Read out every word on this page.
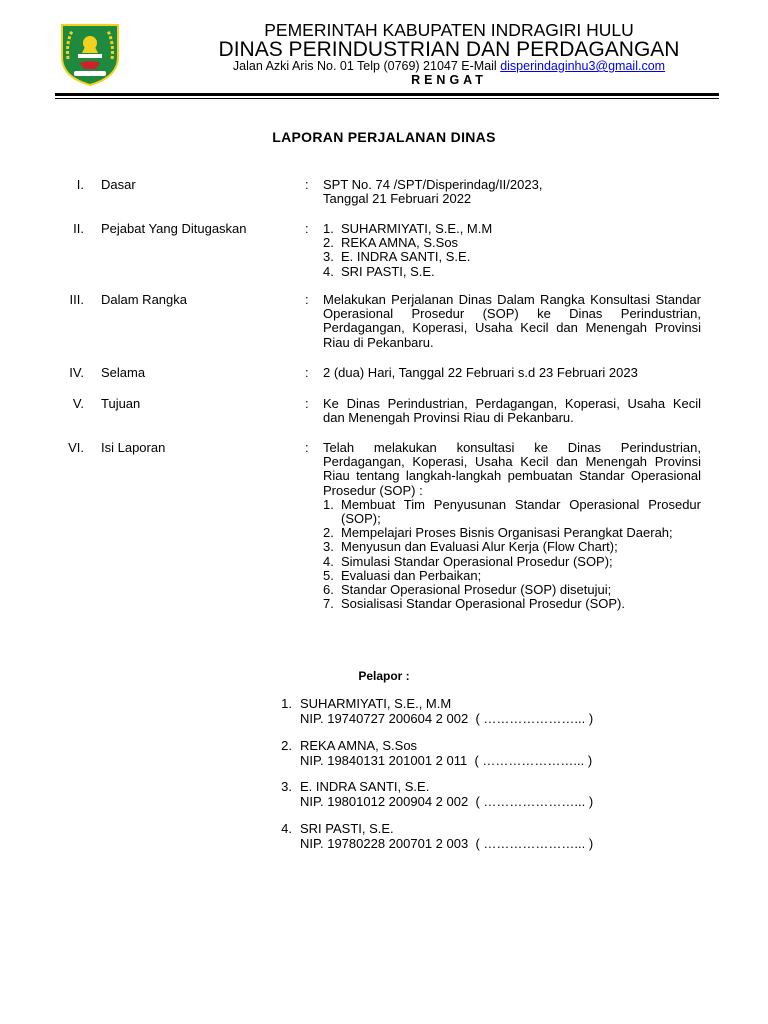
PEMERINTAH KABUPATEN INDRAGIRI HULU
DINAS PERINDUSTRIAN DAN PERDAGANGAN
Jalan Azki Aris No. 01 Telp (0769) 21047 E-Mail disperindaginhu3@gmail.com
RENGAT
LAPORAN PERJALANAN DINAS
I. Dasar	: SPT No. 74 /SPT/Disperindag/II/2023,
Tanggal 21 Februari 2022
II. Pejabat Yang Ditugaskan	: 1. SUHARMIYATI, S.E., M.M
2. REKA AMNA, S.Sos
3. E. INDRA SANTI, S.E.
4. SRI PASTI, S.E.
III. Dalam Rangka	: Melakukan Perjalanan Dinas Dalam Rangka Konsultasi Standar Operasional Prosedur (SOP) ke Dinas Perindustrian, Perdagangan, Koperasi, Usaha Kecil dan Menengah Provinsi Riau di Pekanbaru.
IV. Selama	: 2 (dua) Hari, Tanggal 22 Februari s.d 23 Februari 2023
V. Tujuan	: Ke Dinas Perindustrian, Perdagangan, Koperasi, Usaha Kecil dan Menengah Provinsi Riau di Pekanbaru.
VI. Isi Laporan	: Telah melakukan konsultasi ke Dinas Perindustrian, Perdagangan, Koperasi, Usaha Kecil dan Menengah Provinsi Riau tentang langkah-langkah pembuatan Standar Operasional Prosedur (SOP) :
1. Membuat Tim Penyusunan Standar Operasional Prosedur (SOP);
2. Mempelajari Proses Bisnis Organisasi Perangkat Daerah;
3. Menyusun dan Evaluasi Alur Kerja (Flow Chart);
4. Simulasi Standar Operasional Prosedur (SOP);
5. Evaluasi dan Perbaikan;
6. Standar Operasional Prosedur (SOP) disetujui;
7. Sosialisasi Standar Operasional Prosedur (SOP).
Pelapor :
1. SUHARMIYATI, S.E., M.M
NIP. 19740727 200604 2 002 ( …………………... )
2. REKA AMNA, S.Sos
NIP. 19840131 201001 2 011 ( …………………... )
3. E. INDRA SANTI, S.E.
NIP. 19801012 200904 2 002 ( …………………... )
4. SRI PASTI, S.E.
NIP. 19780228 200701 2 003 ( …………………... )
